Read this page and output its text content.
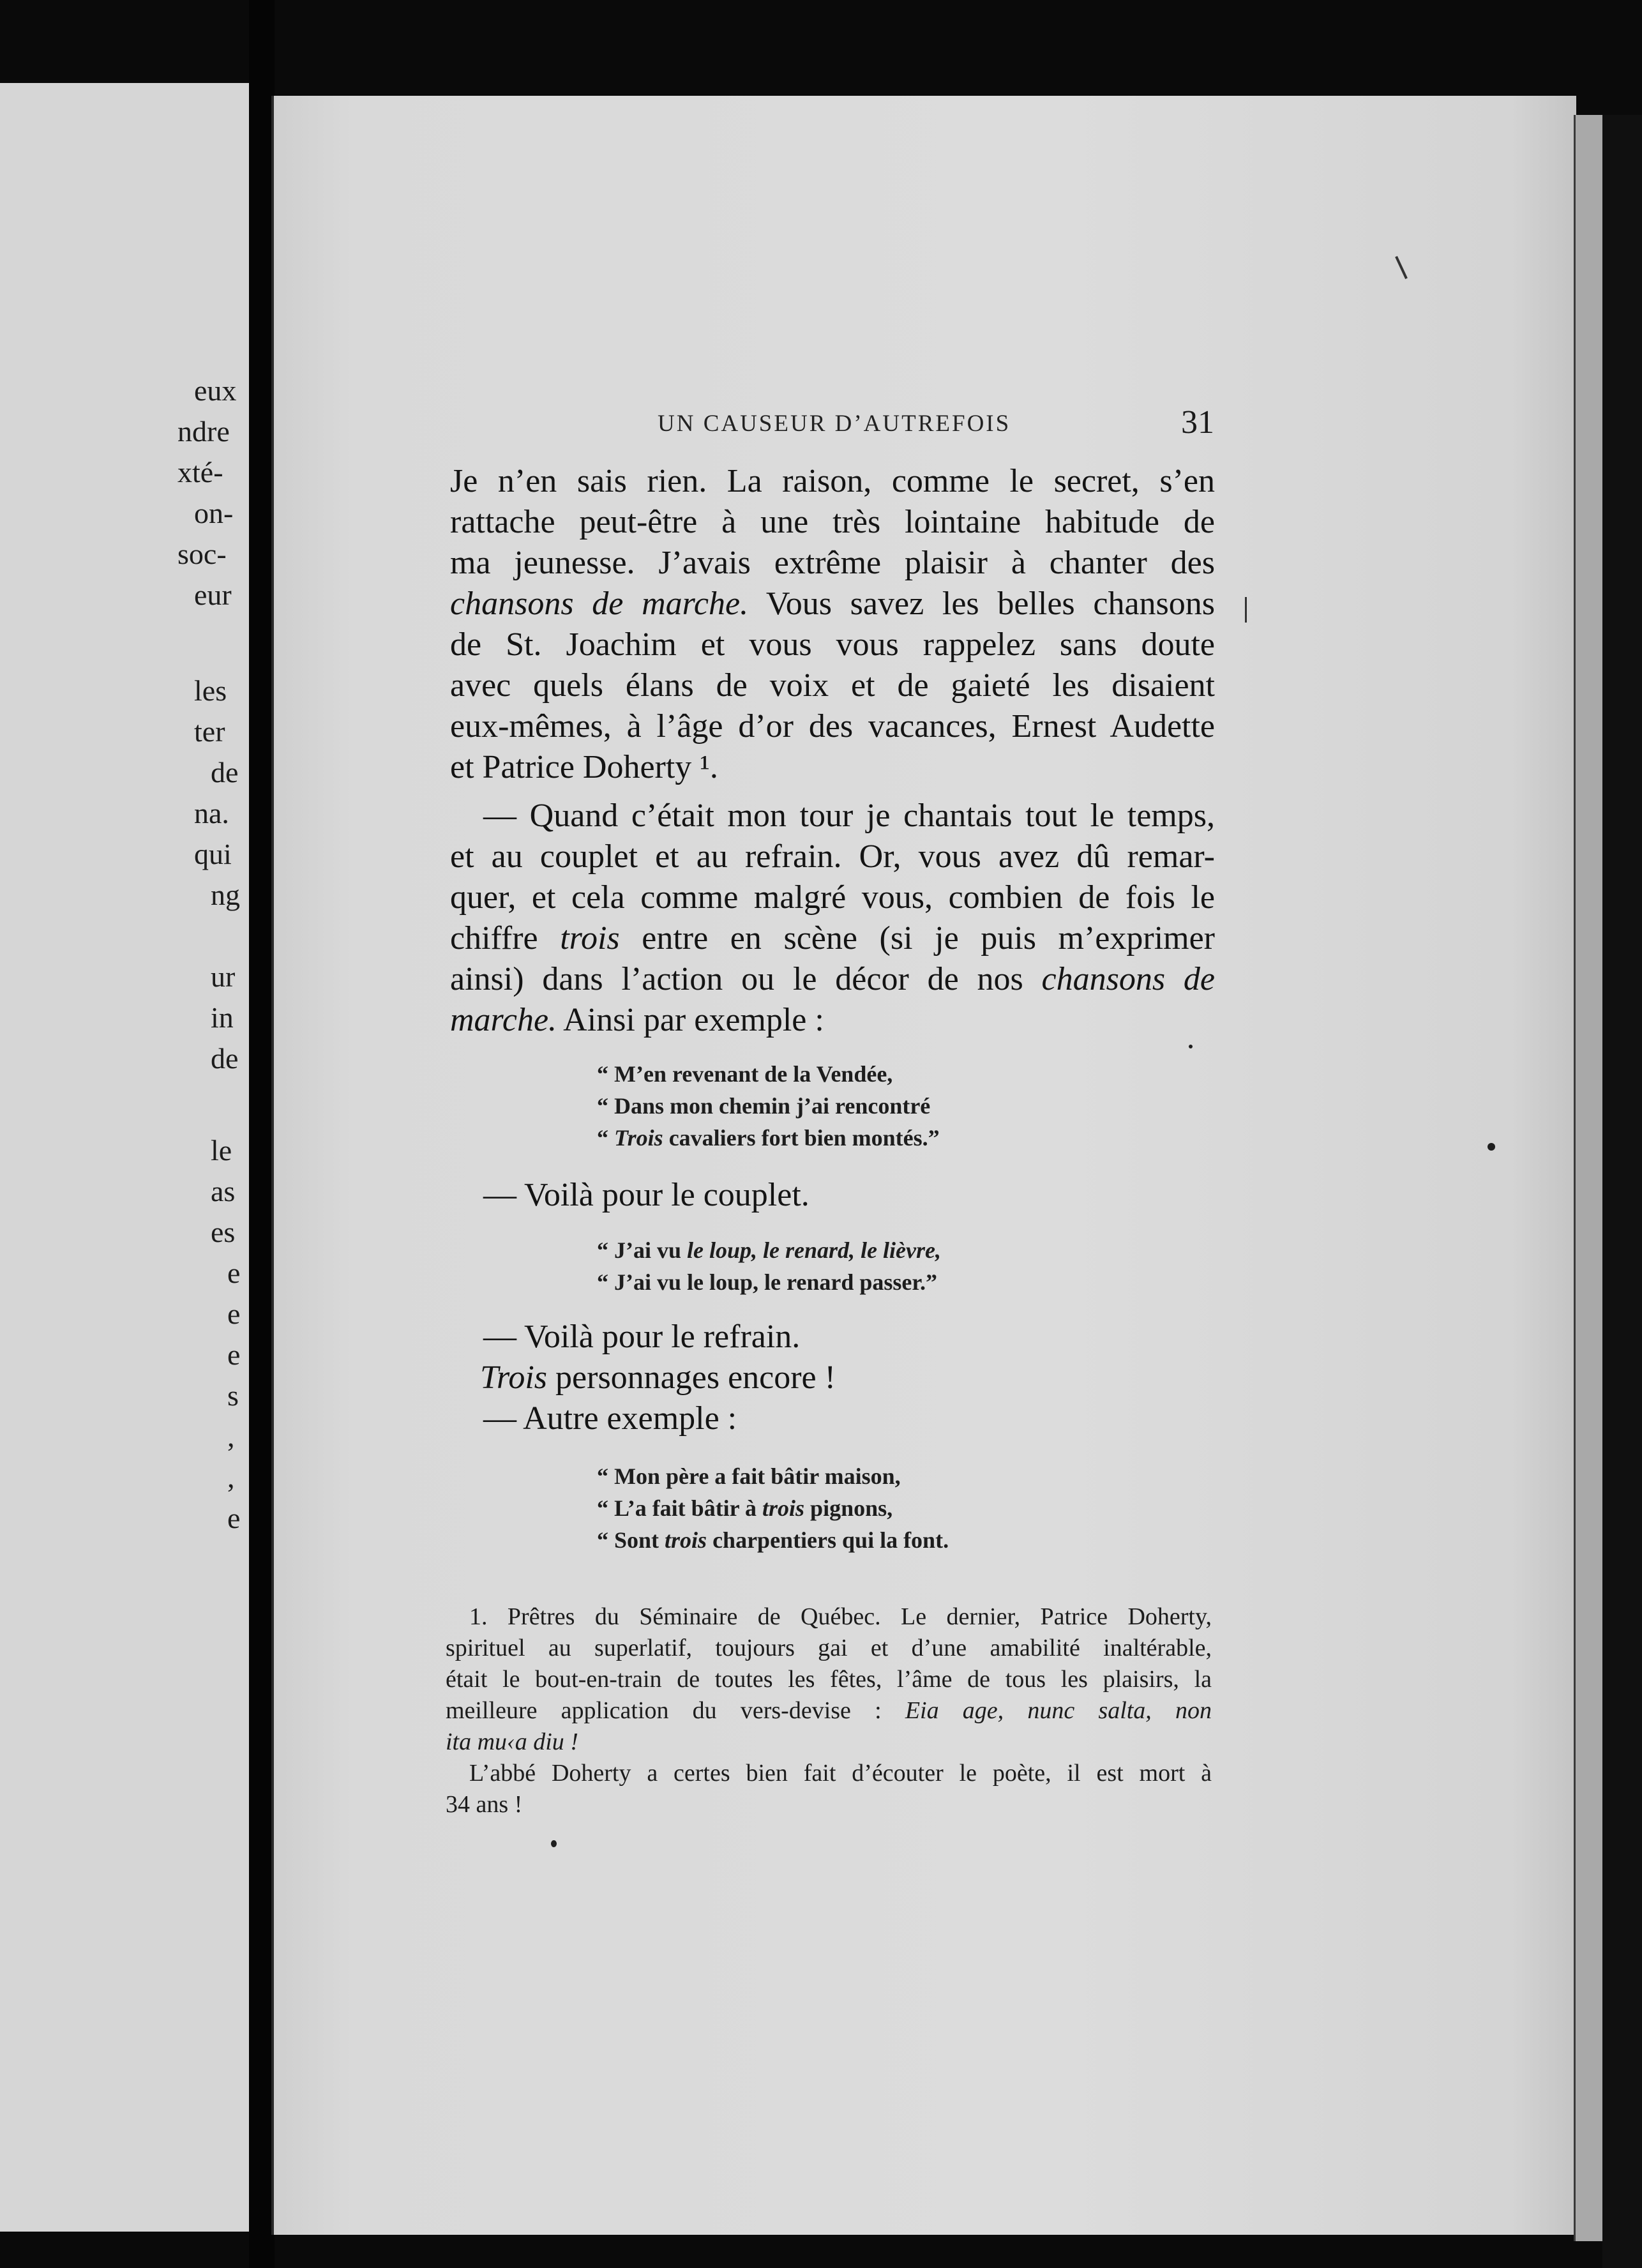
eux
ndre
xté-
on-
soc-
eur
les
ter
de
na.
qui
ng
ur
in
de
le
as
es
e
e
e
s
,
,
e
UN CAUSEUR D’AUTREFOIS	31
Je n’en sais rien. La raison, comme le secret, s’en
rattache peut-être à une très lointaine habitude de
ma jeunesse. J’avais extrême plaisir à chanter des
chansons de marche. Vous savez les belles chansons
de St. Joachim et vous vous rappelez sans doute
avec quels élans de voix et de gaieté les disaient
eux-mêmes, à l’âge d’or des vacances, Ernest Audette
et Patrice Doherty ¹.
— Quand c’était mon tour je chantais tout le temps,
et au couplet et au refrain. Or, vous avez dû remar-
quer, et cela comme malgré vous, combien de fois le
chiffre trois entre en scène (si je puis m’exprimer
ainsi) dans l’action ou le décor de nos chansons de
marche. Ainsi par exemple :
“ M’en revenant de la Vendée,
“ Dans mon chemin j’ai rencontré
“ Trois cavaliers fort bien montés.”
— Voilà pour le couplet.
“ J’ai vu le loup, le renard, le lièvre,
“ J’ai vu le loup, le renard passer.”
— Voilà pour le refrain.
Trois personnages encore !
— Autre exemple :
“ Mon père a fait bâtir maison,
“ L’a fait bâtir à trois pignons,
“ Sont trois charpentiers qui la font.
1. Prêtres du Séminaire de Québec. Le dernier, Patrice Doherty,
spirituel au superlatif, toujours gai et d’une amabilité inaltérable,
était le bout-en-train de toutes les fêtes, l’âme de tous les plaisirs, la
meilleure application du vers-devise : Eia age, nunc salta, non
ita mu‹a diu !
L’abbé Doherty a certes bien fait d’écouter le poète, il est mort à
34 ans !
